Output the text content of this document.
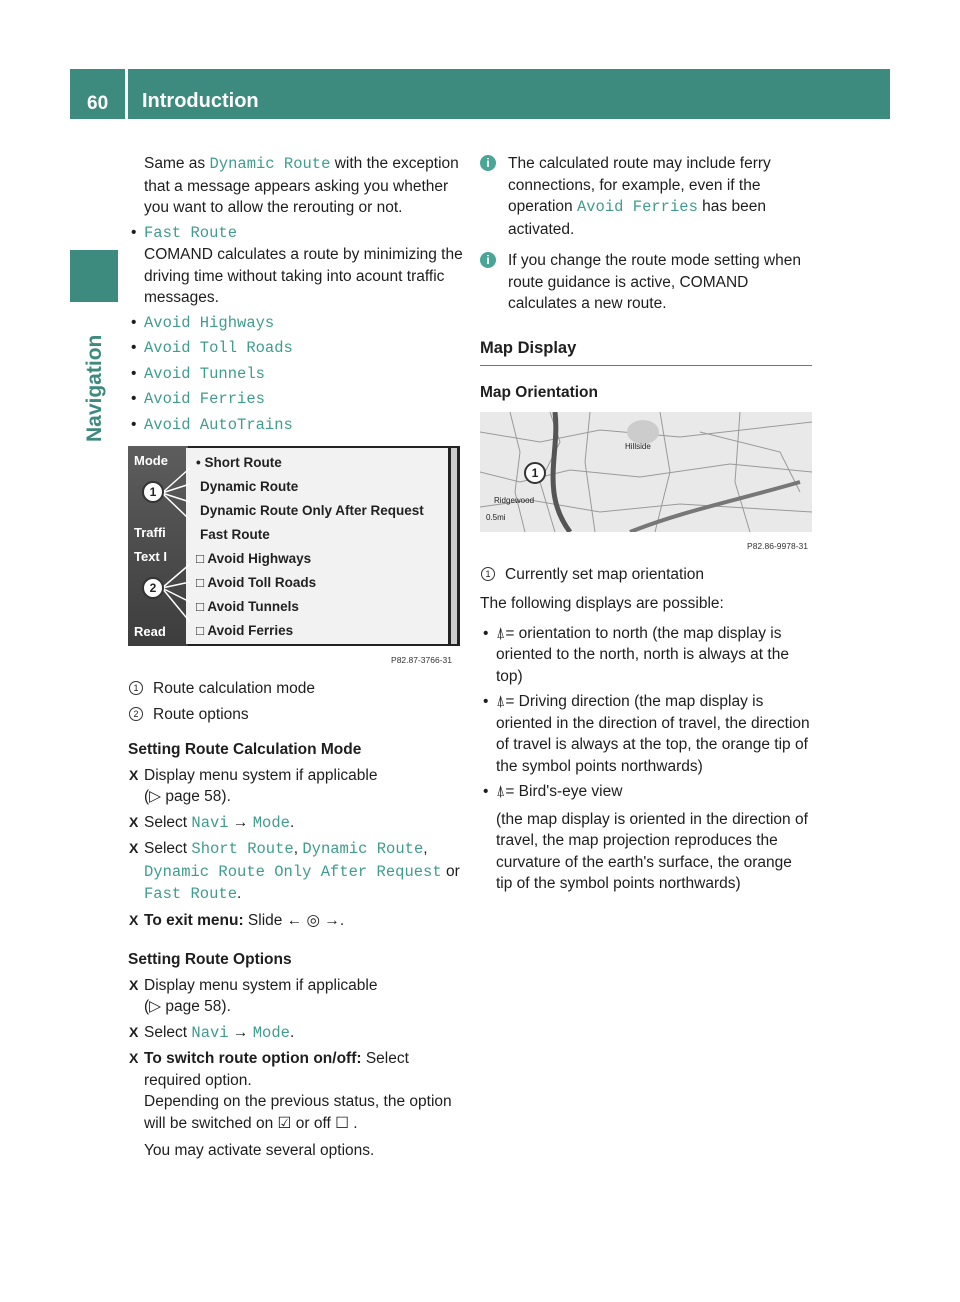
60 Introduction
Navigation
Same as Dynamic Route with the exception that a message appears asking you whether you want to allow the rerouting or not.
• Fast Route
COMAND calculates a route by minimizing the driving time without taking into acount traffic messages.
• Avoid Highways
• Avoid Toll Roads
• Avoid Tunnels
• Avoid Ferries
• Avoid AutoTrains
Mode
Traffi
Text I
Read
• Short Route
Dynamic Route
Dynamic Route Only After Request
Fast Route
□ Avoid Highways
□ Avoid Toll Roads
□ Avoid Tunnels
□ Avoid Ferries
1
2
P82.87-3766-31
1 Route calculation mode
2 Route options
Setting Route Calculation Mode
X Display menu system if applicable
(▷ page 58).
X Select Navi → Mode.
X Select Short Route, Dynamic Route,
Dynamic Route Only After Request or
Fast Route.
X To exit menu: Slide ← ◎ →.
Setting Route Options
X Display menu system if applicable
(▷ page 58).
X Select Navi → Mode.
X To switch route option on/off: Select required option.
Depending on the previous status, the option will be switched on ☑ or off ☐ .
You may activate several options.
i	The calculated route may include ferry connections, for example, even if the operation Avoid Ferries has been activated.
i	If you change the route mode setting when route guidance is active, COMAND calculates a new route.
Map Display
Map Orientation
Hillside
Ridgewood
0.5mi
1
P82.86-9978-31
1 Currently set map orientation
The following displays are possible:
• ⍋= orientation to north (the map display is oriented to the north, north is always at the top)
• ⍋= Driving direction (the map display is oriented in the direction of travel, the direction of travel is always at the top, the orange tip of the symbol points northwards)
• ⍋= Bird's-eye view
(the map display is oriented in the direction of travel, the map projection reproduces the curvature of the earth's surface, the orange tip of the symbol points northwards)
